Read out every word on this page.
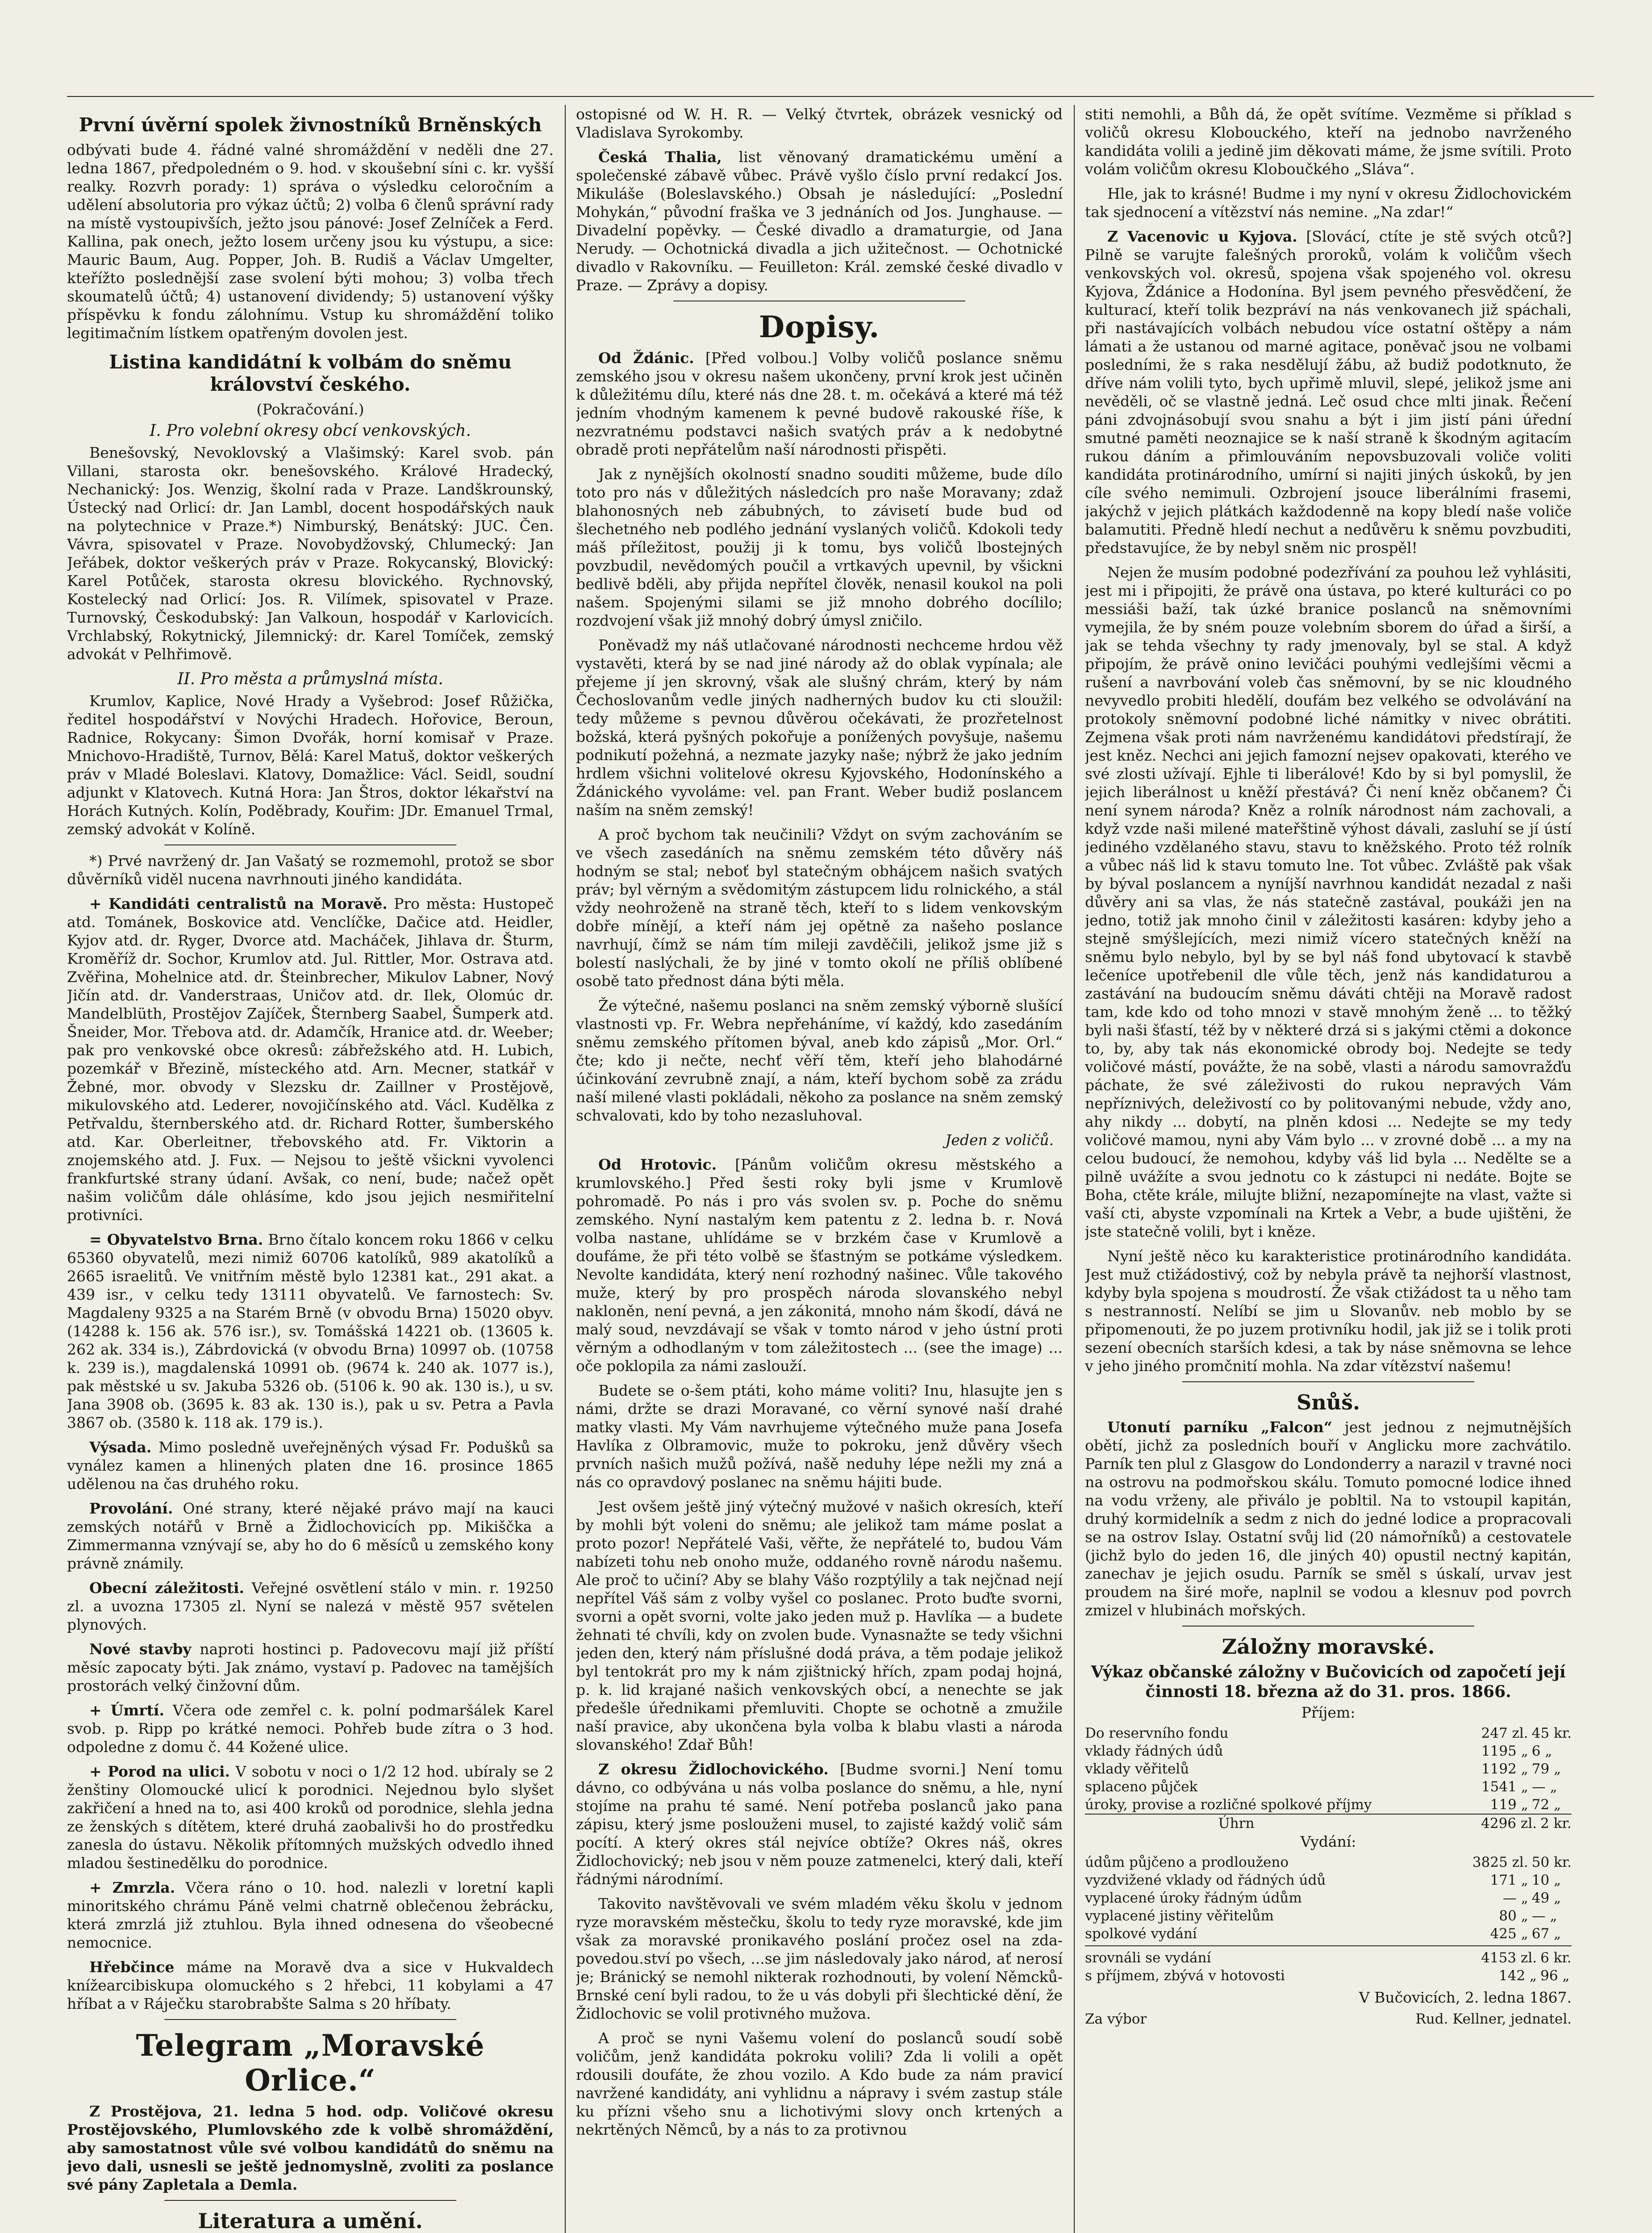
První úvěrní spolek živnostníků Brněnských

odbývati bude 4. řádné valné shromáždění v neděli dne 27. ledna 1867, předpoledném o 9. hod. v skoušební síni c. kr. vyšší realky. Rozvrh porady: 1) správa o výsledku celoročním a udělení absolutoria pro výkaz účtů; 2) volba 6 členů správní rady na místě vystoupivších, ježto jsou pánové: Josef Zelníček a Ferd. Kallina, pak onech, ježto losem určeny jsou ku výstupu, a sice: Mauric Baum, Aug. Popper, Joh. B. Rudiš a Václav Umgelter, kteřížto poslednější zase svolení býti mohou; 3) volba třech skoumatelů účtů; 4) ustanovení dividendy; 5) ustanovení výšky příspěvku k fondu zálohnímu. Vstup ku shromáždění toliko legitimačním lístkem opatřeným dovolen jest.

Listina kandidátní k volbám do sněmu království českého.
(Pokračování.)
I. Pro volební okresy obcí venkovských.

Benešovský, Nevoklovský a Vlašimský: Karel svob. pán Villani, starosta okr. benešovského. Králové Hradecký, Nechanický: Jos. Wenzig, školní rada v Praze. Landškrounský, Ústecký nad Orlicí: dr. Jan Lambl, docent hospodářských nauk na polytechnice v Praze.*) Nimburský, Benátský: JUC. Čen. Vávra, spisovatel v Praze. Novobydžovský, Chlumecký: Jan Jeřábek, doktor veškerých práv v Praze. Rokycanský, Blovický: Karel Potůček, starosta okresu blovického. Rychnovský, Kostelecký nad Orlicí: Jos. R. Vilímek, spisovatel v Praze. Turnovský, Českodubský: Jan Valkoun, hospodář v Karlovicích. Vrchlabský, Rokytnický, Jilemnický: dr. Karel Tomíček, zemský advokát v Pelhřimově.

II. Pro města a průmyslná místa.

Krumlov, Kaplice, Nové Hrady a Vyšebrod: Josef Růžička, ředitel hospodářství v Novýchi Hradech. Hořovice, Beroun, Radnice, Rokycany: Šimon Dvořák, horní komisař v Praze. Mnichovo-Hradiště, Turnov, Bělá: Karel Matuš, doktor veškerých práv v Mladé Boleslavi. Klatovy, Domažlice: Václ. Seidl, soudní adjunkt v Klatovech. Kutná Hora: Jan Štros, doktor lékařství na Horách Kutných. Kolín, Poděbrady, Kouřim: JDr. Emanuel Trmal, zemský advokát v Kolíně.

*) Prvé navržený dr. Jan Vašatý se rozmemohl, protož se sbor důvěrníků viděl nucena navrhnouti jiného kandidáta.

+ Kandidáti centralistů na Moravě. Pro města: Hustopeč atd. Tománek, Boskovice atd. Venclíčke, Dačice atd. Heidler, Kyjov atd. dr. Ryger, Dvorce atd. Macháček, Jihlava dr. Šturm, Kroměříž dr. Sochor, Krumlov atd. Jul. Rittler, Mor. Ostrava atd. Zvěřina, Mohelnice atd. dr. Šteinbrecher, Mikulov Labner, Nový Jičín atd. dr. Vanderstraas, Uničov atd. dr. Ilek, Olomúc dr. Mandelblüth, Prostějov Zajíček, Šternberg Saabel, Šumperk atd. Šneider, Mor. Třebova atd. dr. Adamčík, Hranice atd. dr. Weeber; pak pro venkovské obce okresů: zábřežského atd. H. Lubich, pozemkář v Březině, místeckého atd. Arn. Mecner, statkář v Žebné, mor. obvody v Slezsku dr. Zaillner v Prostějově, mikulovského atd. Lederer, novojičínského atd. Václ. Kudělka z Petřvaldu, šternberského atd. dr. Richard Rotter, šumberského atd. Kar. Oberleitner, třebovského atd. Fr. Viktorin a znojemského atd. J. Fux. — Nejsou to ještě všickni vyvolenci frankfurtské strany údaní. Avšak, co není, bude; načež opět našim voličům dále ohlásíme, kdo jsou jejich nesmiřitelní protivníci.

= Obyvatelstvo Brna. Brno čítalo koncem roku 1866 v celku 65360 obyvatelů, mezi nimiž 60706 katolíků, 989 akatolíků a 2665 israelitů. Ve vnitřním městě bylo 12381 kat., 291 akat. a 439 isr., v celku tedy 13111 obyvatelů. Ve farnostech: Sv. Magdaleny 9325 a na Starém Brně (v obvodu Brna) 15020 obyv. (14288 k. 156 ak. 576 isr.), sv. Tomášská 14221 ob. (13605 k. 262 ak. 334 is.), Zábrdovická (v obvodu Brna) 10997 ob. (10758 k. 239 is.), magdalenská 10991 ob. (9674 k. 240 ak. 1077 is.), pak městské u sv. Jakuba 5326 ob. (5106 k. 90 ak. 130 is.), u sv. Jana 3908 ob. (3695 k. 83 ak. 130 is.), pak u sv. Petra a Pavla 3867 ob. (3580 k. 118 ak. 179 is.).

Výsada. Mimo posledně uveřejněných výsad Fr. Podušků sa vynález kamen a hlinených platen dne 16. prosince 1865 udělenou na čas druhého roku.

Provolání. Oné strany, které nějaké právo mají na kauci zemských notářů v Brně a Židlochovicích pp. Mikiščka a Zimmermanna vznývají se, aby ho do 6 měsíců u zemského kony právně známily.

Obecní záležitosti. Veřejné osvětlení stálo v min. r. 19250 zl. a uvozna 17305 zl. Nyní se nalezá v městě 957 světelen plynových.

Nové stavby naproti hostinci p. Padovecovu mají již příští měsíc zapocaty býti. Jak známo, vystaví p. Padovec na tamějších prostorách velký činžovní dům.

+ Úmrtí. Včera ode zemřel c. k. polní podmaršálek Karel svob. p. Ripp po krátké nemoci. Pohřeb bude zítra o 3 hod. odpoledne z domu č. 44 Kožené ulice.

+ Porod na ulici. V sobotu v noci o 1/2 12 hod. ubíraly se 2 ženštiny Olomoucké ulicí k porodnici. Nejednou bylo slyšet zakřičení a hned na to, asi 400 kroků od porodnice, slehla jedna ze ženských s dítětem, které druhá zaobalivši ho do prostředku zanesla do ústavu. Několik přítomných mužských odvedlo ihned mladou šestinedělku do porodnice.

+ Zmrzla. Včera ráno o 10. hod. nalezli v loretní kapli minoritského chrámu Páně velmi chatrně oblečenou žebrácku, která zmrzlá již ztuhlou. Byla ihned odnesena do všeobecné nemocnice.

Hřebčince máme na Moravě dva a sice v Hukvaldech knížearcibiskupa olomuckého s 2 hřebci, 11 kobylami a 47 hříbat a v Ráječku starobrabšte Salma s 20 hříbaty.

Telegram „Moravské Orlice.“

Z Prostějova, 21. ledna 5 hod. odp. Voličové okresu Prostějovského, Plumlovského zde k volbě shromáždění, aby samostatnost vůle své volbou kandidátů do sněmu na jevo dali, usnesli se ještě jednomyslně, zvoliti za poslance své pány Zapletala a Demla.

Literatura a umění.

ostopisné od W. H. R. — Velký čtvrtek, obrázek vesnický od Vladislava Syrokomby.

Česká Thalia, list věnovaný dramatickému umění a společenské zábavě vůbec. Právě vyšlo číslo první redakcí Jos. Mikuláše (Boleslavského.) Obsah je následující: „Poslední Mohykán,“ původní fraška ve 3 jednáních od Jos. Junghause. — Divadelní popěvky. — České divadlo a dramaturgie, od Jana Nerudy. — Ochotnická divadla a jich užitečnost. — Ochotnické divadlo v Rakovníku. — Feuilleton: Král. zemské české divadlo v Praze. — Zprávy a dopisy.

Dopisy.

Od Ždánic. [Před volbou.] Volby voličů poslance sněmu zemského jsou v okresu našem ukončeny, první krok jest učiněn k důležitému dílu, které nás dne 28. t. m. očekává a které má též jedním vhodným kamenem k pevné budově rakouské říše, k nezvratnému podstavci našich svatých práv a k nedobytné obradě proti nepřátelům naší národnosti přispěti.

Jak z nynějších okolností snadno souditi můžeme, bude dílo toto pro nás v důležitých následcích pro naše Moravany; zdaž blahonosných neb zábubných, to závisetí bude bud od šlechetného neb podlého jednání vyslaných voličů. Kdokoli tedy máš příležitost, použij ji k tomu, bys voličů lbostejných povzbudil, nevědomých poučil a vrtkavých upevnil, by všickni bedlivě bděli, aby přijda nepřítel člověk, nenasil koukol na poli našem. Spojenými silami se již mnoho dobrého docílilo; rozdvojení však již mnohý dobrý úmysl zničilo.

Poněvadž my náš utlačované národnosti nechceme hrdou věž vystavěti, která by se nad jiné národy až do oblak vypínala; ale přejeme jí jen skrovný, však ale slušný chrám, který by nám Čechoslovanům vedle jiných nadherných budov ku cti sloužil: tedy můžeme s pevnou důvěrou očekávati, že prozřetelnost božská, která pyšných pokořuje a ponížených povyšuje, našemu podnikutí požehná, a nezmate jazyky naše; nýbrž že jako jedním hrdlem všichni volitelové okresu Kyjovského, Hodonínského a Ždánického vyvoláme: vel. pan Frant. Weber budiž poslancem naším na sněm zemský!

A proč bychom tak neučinili? Vždyt on svým zachováním se ve všech zasedáních na sněmu zemském této důvěry náš hodným se stal; neboť byl statečným obhájcem našich svatých práv; byl věrným a svědomitým zástupcem lidu rolnického, a stál vždy neohroženě na straně těch, kteří to s lidem venkovským dobře mínějí, a kteří nám jej opětně za našeho poslance navrhují, čímž se nám tím mileji zavděčili, jelikož jsme již s bolestí naslýchali, že by jiné v tomto okolí ne příliš oblíbené osobě tato přednost dána býti měla.

Že výtečné, našemu poslanci na sněm zemský výborně slušící vlastnosti vp. Fr. Webra nepřeháníme, ví každý, kdo zasedáním sněmu zemského přítomen býval, aneb kdo zápisů „Mor. Orl.“ čte; kdo ji nečte, nechť věří těm, kteří jeho blahodárné účinkování zevrubně znají, a nám, kteří bychom sobě za zrádu naší milené vlasti pokládali, někoho za poslance na sněm zemský schvalovati, kdo by toho nezasluhoval.

Jeden z voličů.

Od Hrotovic. [Pánům voličům okresu městského a krumlovského.] Před šesti roky byli jsme v Krumlově pohromadě. Po nás i pro vás svolen sv. p. Poche do sněmu zemského. Nyní nastalým kem patentu z 2. ledna b. r. Nová volba nastane, uhlídáme se v brzkém čase v Krumlově a doufáme, že při této volbě se šťastným se potkáme výsledkem. Nevolte kandidáta, který není rozhodný našinec. Vůle takového muže, který by pro prospěch národa slovanského nebyl nakloněn, není pevná, a jen zákonitá, mnoho nám škodí, dává ne malý soud, nevzdávají se však v tomto národ v jeho ústní proti věrným a odhodlaným v tom záležitostech ... (see the image) ... oče poklopila za námi zaslouží.

Budete se o-šem ptáti, koho máme voliti? Inu, hlasujte jen s námi, držte se drazi Moravané, co věrní synové naší drahé matky vlasti. My Vám navrhujeme výtečného muže pana Josefa Havlíka z Olbramovic, muže to pokroku, jenž důvěry všech prvních našich mužů požívá, našě neduhy lépe nežli my zná a nás co opravdový poslanec na sněmu hájiti bude.

Jest ovšem ještě jiný výtečný mužové v našich okresích, kteří by mohli být voleni do sněmu; ale jelikož tam máme poslat a proto pozor! Nepřátelé Vaši, věřte, že nepřátelé to, budou Vám nabízeti tohu neb onoho muže, oddaného rovně národu našemu. Ale proč to učiní? Aby se blahy Vášo rozptýlily a tak nejčnad nejí nepřítel Váš sám z volby vyšel co poslanec. Proto buďte svorni, svorni a opět svorni, volte jako jeden muž p. Havlíka — a budete žehnati té chvíli, kdy on zvolen bude. Vynasnažte se tedy všichni jeden den, který nám příslušné dodá práva, a těm podaje jelikož byl tentokrát pro my k nám zjištnický hřích, zpam podaj hojná, p. k. lid krajané našich venkovských obcí, a nenechte se jak předešle úřednikami přemluviti. Chopte se ochotně a zmužile naší pravice, aby ukončena byla volba k blabu vlasti a národa slovanského! Zdař Bůh!

Z okresu Židlochovického. [Budme svorni.] Není tomu dávno, co odbývána u nás volba poslance do sněmu, a hle, nyní stojíme na prahu té samé. Není potřeba poslanců jako pana zápisu, který jsme poslouženi musel, to zajisté každý volič sám pocítí. A který okres stál nejvíce obtíže? Okres náš, okres Židlochovický; neb jsou v něm pouze zatmenelci, který dali, kteří řádnými národnímí.

Takovito navštěvovali ve svém mladém věku školu v jednom ryze moravském městečku, školu to tedy ryze moravské, kde jim však za moravské pronikavého poslání pročez osel na zda-povedou.ství po všech, ...se jim následovaly jako národ, ať nerosí je; Bránický se nemohl nikterak rozhodnouti, by volení Němcků-Brnské cení byli radou, to že u vás dobyli při šlechtické dění, že Židlochovic se volil protivného mužova.

A proč se nyni Vašemu volení do poslanců soudí sobě voličům, jenž kandidáta pokroku volili? Zda li volili a opět rdousili doufáte, že zhou vozilo. A Kdo bude za nám pravicí navržené kandidáty, ani vyhlidnu a nápravy i svém zastup stále ku přízni všeho snu a lichotivými slovy onch krtených a nekrtěných Němců, by a nás to za protivnou

stiti nemohli, a Bůh dá, že opět svítíme. Vezměme si příklad s voličů okresu Klobouckého, kteří na jednobo navrženého kandidáta volili a jedině jim děkovati máme, že jsme svítili. Proto volám voličům okresu Kloboučkého „Sláva“.

Hle, jak to krásné! Budme i my nyní v okresu Židlochovickém tak sjednocení a vítězství nás nemine. „Na zdar!“

Z Vacenovic u Kyjova. [Slovácí, ctíte je stě svých otců?] Pilně se varujte falešných proroků, volám k voličům všech venkovských vol. okresů, spojena však spojeného vol. okresu Kyjova, Ždánice a Hodonína. Byl jsem pevného přesvědčení, že kulturací, kteří tolik bezpráví na nás venkovanech již spáchali, při nastávajících volbách nebudou více ostatní oštěpy a nám lámati a že ustanou od marné agitace, poněvač jsou ne volbami posledními, že s raka nesdělují žábu, až budiž podotknuto, že dříve nám volili tyto, bych upřimě mluvil, slepé, jelikož jsme ani nevěděli, oč se vlastně jedná. Leč osud chce mlti jinak. Řečení páni zdvojnásobují svou snahu a být i jim jistí páni úřední smutné paměti neoznajice se k naší straně k škodným agitacím rukou dáním a přimlouváním nepovsbuzovali voliče voliti kandidáta protinárodního, umírní si najiti jiných úskoků, by jen cíle svého nemimuli. Ozbrojení jsouce liberálními frasemi, jakýchž v jejich plátkách každodenně na kopy bledí naše voliče balamutiti. Předně hledí nechut a nedůvěru k sněmu povzbuditi, představujíce, že by nebyl sněm nic prospěl!

Nejen že musím podobné podezřívání za pouhou lež vyhlásiti, jest mi i připojiti, že právě ona ústava, po které kulturáci co po messiáši baží, tak úzké branice poslanců na sněmovními vymejila, že by sném pouze volebním sborem do úřad a širší, a jak se tehda všechny ty rady jmenovaly, byl se stal. A když připojím, že právě onino levičáci pouhými vedlejšími věcmi a rušení a navrbování voleb čas sněmovní, by se nic kloudného nevyvedlo probiti hledělí, doufám bez velkého se odvolávání na protokoly sněmovní podobné liché námitky v nivec obrátiti. Zejmena však proti nám navrženému kandidátovi předstírají, že jest kněz. Nechci ani jejich famozní nejsev opakovati, kterého ve své zlosti užívají. Ejhle ti liberálové! Kdo by si byl pomyslil, že jejich liberálnost u kněží přestává? Či není kněz občanem? Či není synem národa? Kněz a rolník národnost nám zachovali, a když vzde naši milené mateřštině výhost dávali, zasluhí se jí ústí jediného vzdělaného stavu, stavu to kněžského. Proto též rolník a vůbec náš lid k stavu tomuto lne. Tot vůbec. Zvláště pak však by býval poslancem a nyníjší navrhnou kandidát nezadal z naši důvěry ani sa vlas, že nás statečně zastával, poukáži jen na jedno, totiž jak mnoho činil v záležitosti kasáren: kdyby jeho a stejně smýšlejících, mezi nimiž vícero statečných kněží na sněmu bylo nebylo, byl by se byl náš fond ubytovací k stavbě lečeníce upotřebenil dle vůle těch, jenž nás kandidaturou a zastávání na budoucím sněmu dáváti chtěji na Moravě radost tam, kde kdo od toho mnozi v stavě mnohým ženě ... to těžký byli naši šťastí, též by v některé drzá si s jakými ctěmi a dokonce to, by, aby tak nás ekonomické obrody boj. Nedejte se tedy voličové mástí, povážte, že na sobě, vlasti a národu samovražďu páchate, že své záleživosti do rukou nepravých Vám nepříznivých, deleživostí co by politovanými nebude, vždy ano, ahy nikdy ... dobytí, na plněn kdosi ... Nedejte se my tedy voličové mamou, nyni aby Vám bylo ... v zrovné době ... a my na celou budoucí, že nemohou, kdyby váš lid byla ... Nedělte se a pilně uvážíte a svou jednotu co k zástupci ni nedáte. Bojte se Boha, ctěte krále, milujte bližní, nezapomínejte na vlast, važte si vaší cti, abyste vzpomínali na Krtek a Vebr, a bude ujištěni, že jste statečně volili, byt i kněze.

Nyní ještě něco ku karakteristice protinárodního kandidáta. Jest muž ctižádostivý, což by nebyla právě ta nejhorší vlastnost, kdyby byla spojena s moudrostí. Že však ctižádost ta u něho tam s nestranností. Nelíbí se jim u Slovanův. neb moblo by se připomenouti, že po juzem protivníku hodil, jak již se i tolik proti sezení obecních starších kdesi, a tak by náse sněmovna se lehce v jeho jiného promčnití mohla. Na zdar vítězství našemu!

Snůš.

Utonutí parníku „Falcon“ jest jednou z nejmutnějších obětí, jichž za posledních bouří v Anglicku more zachvátilo. Parník ten plul z Glasgow do Londonderry a narazil v travné noci na ostrovu na podmořskou skálu. Tomuto pomocné lodice ihned na vodu vrženy, ale přiválo je pobltil. Na to vstoupil kapitán, druhý kormidelník a sedm z nich do jedné lodice a propracovali se na ostrov Islay. Ostatní svůj lid (20 námořníků) a cestovatele (jichž bylo do jeden 16, dle jiných 40) opustil nectný kapitán, zanechav je jejich osudu. Parník se směl s úskalí, urvav jest proudem na širé moře, naplnil se vodou a klesnuv pod povrch zmizel v hlubinách mořských.

Záložny moravské.
Výkaz občanské záložny v Bučovicích od započetí její činnosti 18. března až do 31. pros. 1866.
Příjem:
Do reservního fondu	247 zl.	45 kr.
vklady řádných údů	1195 „	6 „
vklady věřitelů	1192 „	79 „
splaceno půjček	1541 „	— „
úroky, provise a rozličné spolkové příjmy	119 „	72 „
Úhrn	4296 zl.	2 kr.
Vydání:
údům půjčeno a prodlouženo	3825 zl.	50 kr.
vyzdvižené vklady od řádných údů	171 „	10 „
vyplacené úroky řádným údům	— „	49 „
vyplacené jistiny věřitelům	80 „	— „
spolkové vydání	425 „	67 „
srovnáli se vydání	4153 zl.	6 kr.
s příjmem, zbývá v hotovosti	142 „	96 „
V Bučovicích, 2. ledna 1867.
Za výbor	Rud. Kellner, jednatel.
